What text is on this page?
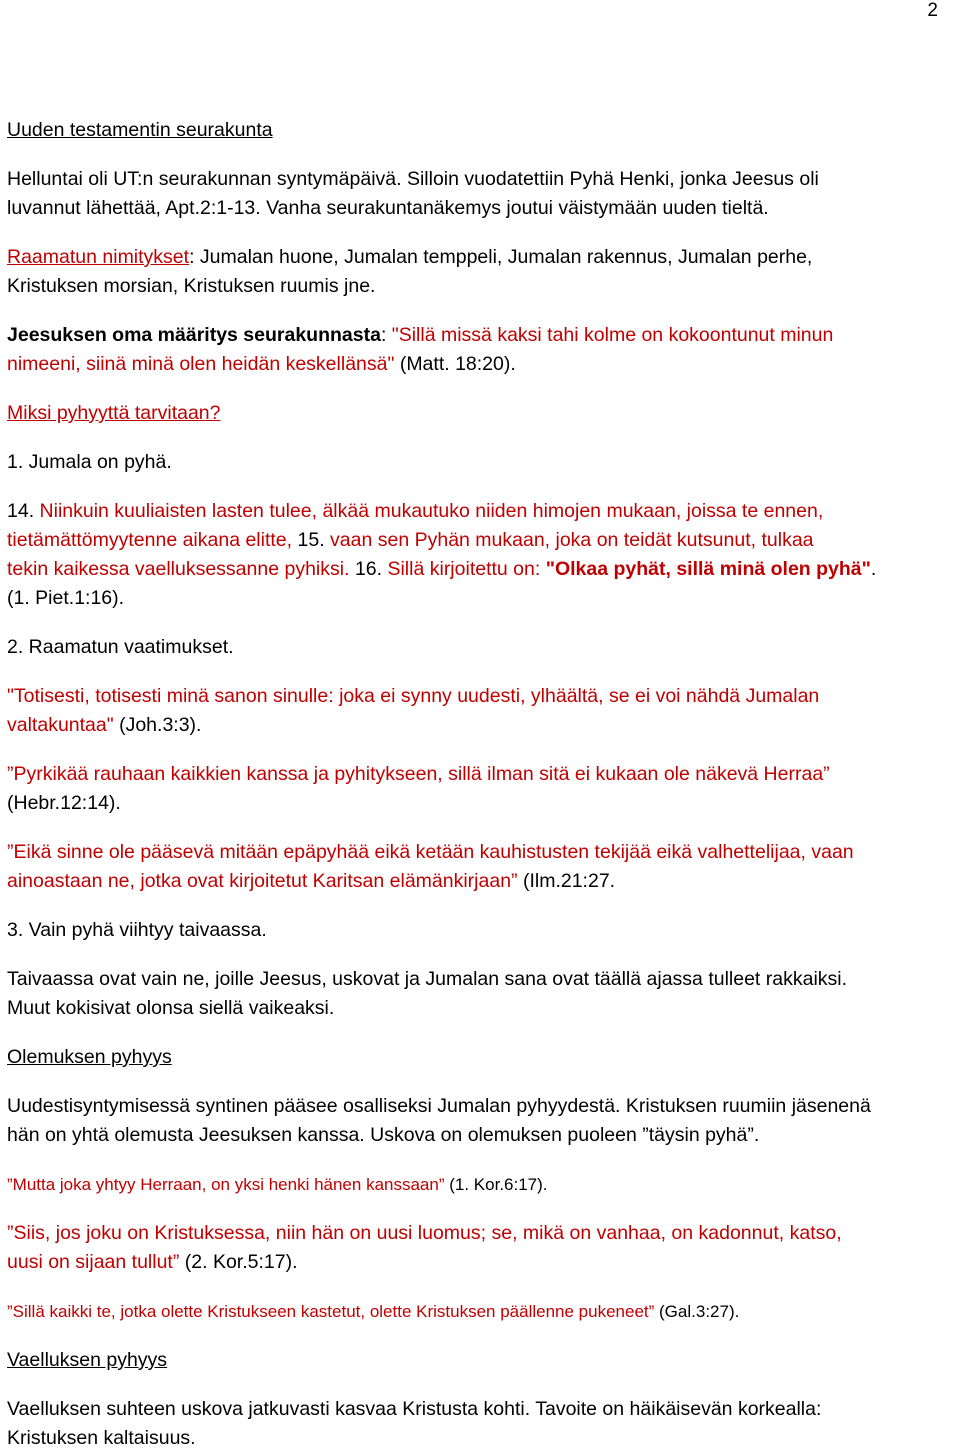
2

Uuden testamentin seurakunta

Helluntai oli UT:n seurakunnan syntymäpäivä. Silloin vuodatettiin Pyhä Henki, jonka Jeesus oli
luvannut lähettää, Apt.2:1-13. Vanha seurakuntanäkemys joutui väistymään uuden tieltä.

Raamatun nimitykset: Jumalan huone, Jumalan temppeli, Jumalan rakennus, Jumalan perhe,
Kristuksen morsian, Kristuksen ruumis jne.

Jeesuksen oma määritys seurakunnasta: "Sillä missä kaksi tahi kolme on kokoontunut minun
nimeeni, siinä minä olen heidän keskellänsä" (Matt. 18:20).

Miksi pyhyyttä tarvitaan?

1. Jumala on pyhä.

14. Niinkuin kuuliaisten lasten tulee, älkää mukautuko niiden himojen mukaan, joissa te ennen,
tietämättömyytenne aikana elitte, 15. vaan sen Pyhän mukaan, joka on teidät kutsunut, tulkaa
tekin kaikessa vaelluksessanne pyhiksi. 16. Sillä kirjoitettu on: "Olkaa pyhät, sillä minä olen pyhä".
(1. Piet.1:16).

2. Raamatun vaatimukset.

"Totisesti, totisesti minä sanon sinulle: joka ei synny uudesti, ylhäältä, se ei voi nähdä Jumalan
valtakuntaa" (Joh.3:3).

”Pyrkikää rauhaan kaikkien kanssa ja pyhitykseen, sillä ilman sitä ei kukaan ole näkevä Herraa”
(Hebr.12:14).

”Eikä sinne ole pääsevä mitään epäpyhää eikä ketään kauhistusten tekijää eikä valhettelijaa, vaan
ainoastaan ne, jotka ovat kirjoitetut Karitsan elämänkirjaan” (Ilm.21:27.

3. Vain pyhä viihtyy taivaassa.

Taivaassa ovat vain ne, joille Jeesus, uskovat ja Jumalan sana ovat täällä ajassa tulleet rakkaiksi.
Muut kokisivat olonsa siellä vaikeaksi.

Olemuksen pyhyys

Uudestisyntymisessä syntinen pääsee osalliseksi Jumalan pyhyydestä. Kristuksen ruumiin jäsenenä
hän on yhtä olemusta Jeesuksen kanssa. Uskova on olemuksen puoleen ”täysin pyhä”.

”Mutta joka yhtyy Herraan, on yksi henki hänen kanssaan” (1. Kor.6:17).

”Siis, jos joku on Kristuksessa, niin hän on uusi luomus; se, mikä on vanhaa, on kadonnut, katso,
uusi on sijaan tullut” (2. Kor.5:17).

”Sillä kaikki te, jotka olette Kristukseen kastetut, olette Kristuksen päällenne pukeneet” (Gal.3:27).

Vaelluksen pyhyys

Vaelluksen suhteen uskova jatkuvasti kasvaa Kristusta kohti. Tavoite on häikäisevän korkealla:
Kristuksen kaltaisuus.
